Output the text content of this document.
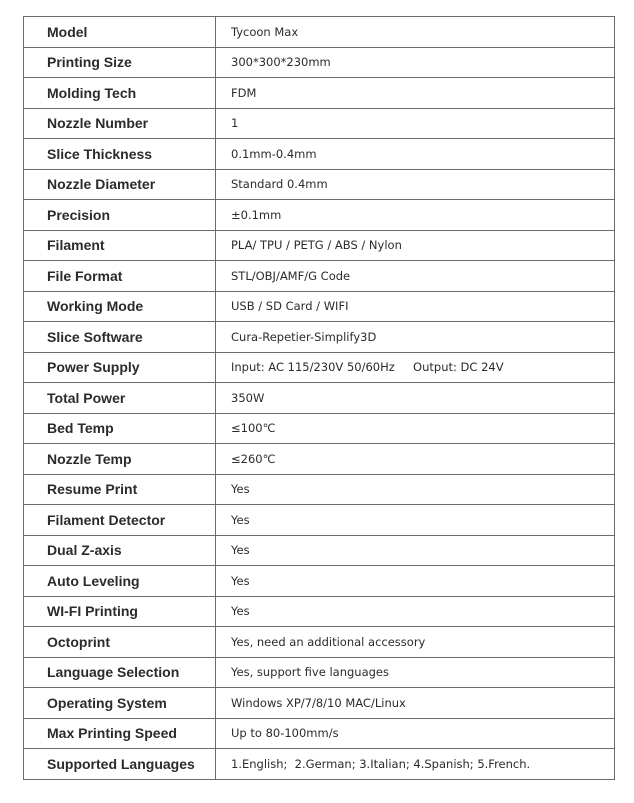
Model	Tycoon Max
Printing Size	300*300*230mm
Molding Tech	FDM
Nozzle Number	1
Slice Thickness	0.1mm-0.4mm
Nozzle Diameter	Standard 0.4mm
Precision	±0.1mm
Filament	PLA/ TPU / PETG / ABS / Nylon
File Format	STL/OBJ/AMF/G Code
Working Mode	USB / SD Card / WIFI
Slice Software	Cura-Repetier-Simplify3D
Power Supply	Input: AC 115/230V 50/60Hz     Output: DC 24V
Total Power	350W
Bed Temp	≤100℃
Nozzle Temp	≤260℃
Resume Print	Yes
Filament Detector	Yes
Dual Z-axis	Yes
Auto Leveling	Yes
WI-FI Printing	Yes
Octoprint	Yes, need an additional accessory
Language Selection	Yes, support five languages
Operating System	Windows XP/7/8/10 MAC/Linux
Max Printing Speed	Up to 80-100mm/s
Supported Languages	1.English;  2.German; 3.Italian; 4.Spanish; 5.French.
